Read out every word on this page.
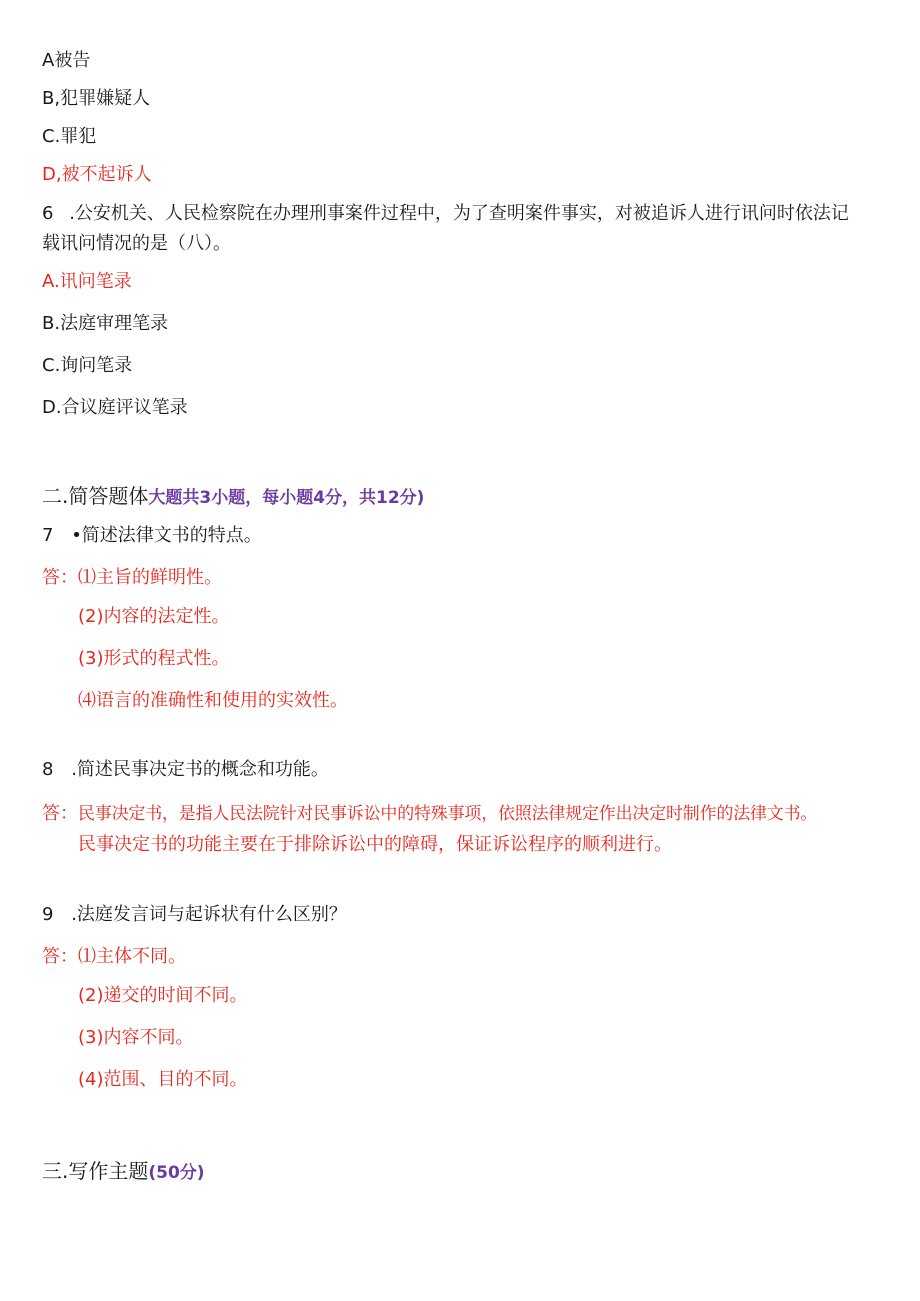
A被告
B,犯罪嫌疑人
C.罪犯
D,被不起诉人
6 .公安机关、人民检察院在办理刑事案件过程中，为了查明案件事实，对被追诉人进行讯问时依法记
载讯问情况的是（八）。
A.讯问笔录
B.法庭审理笔录
C.询问笔录
D.合议庭评议笔录
二.简答题体大题共3小题，每小题4分，共12分)
7 •简述法律文书的特点。
答：⑴主旨的鲜明性。
(2)内容的法定性。
(3)形式的程式性。
⑷语言的准确性和使用的实效性。
8 .简述民事决定书的概念和功能。
答：民事决定书，是指人民法院针对民事诉讼中的特殊事项，依照法律规定作出决定时制作的法律文书。
民事决定书的功能主要在于排除诉讼中的障碍，保证诉讼程序的顺利进行。
9 .法庭发言词与起诉状有什么区别？
答：⑴主体不同。
(2)递交的时间不同。
(3)内容不同。
(4)范围、目的不同。
三.写作主题(50分)
